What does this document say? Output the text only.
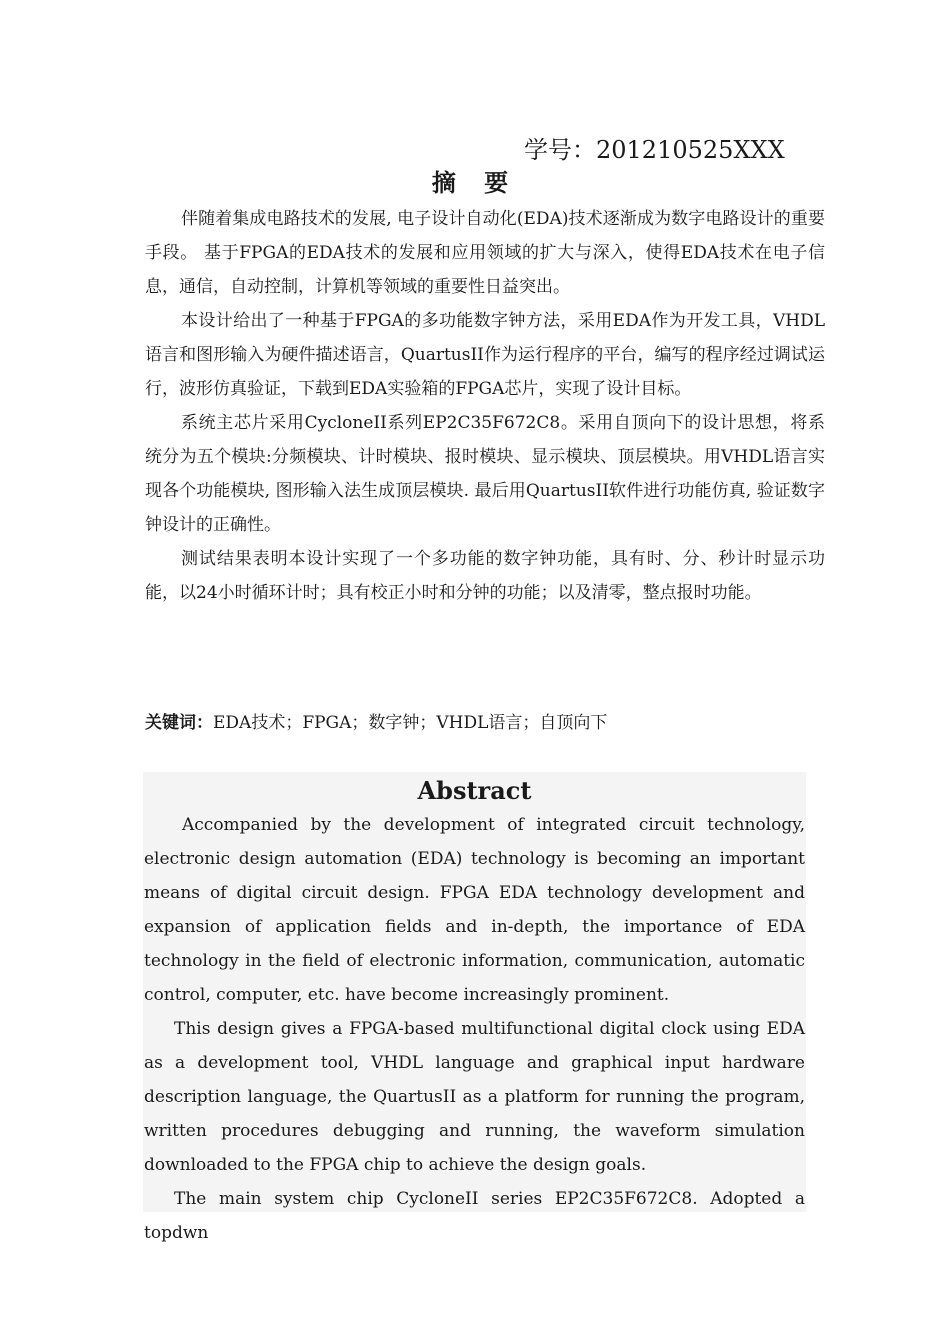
学号：201210525XXX
摘 要

伴随着集成电路技术的发展, 电子设计自动化(EDA)技术逐渐成为数字电路设计的重要手段。 基于FPGA的EDA技术的发展和应用领域的扩大与深入，使得EDA技术在电子信息，通信，自动控制，计算机等领域的重要性日益突出。

本设计给出了一种基于FPGA的多功能数字钟方法，采用EDA作为开发工具，VHDL语言和图形输入为硬件描述语言，QuartusII作为运行程序的平台，编写的程序经过调试运行，波形仿真验证，下载到EDA实验箱的FPGA芯片，实现了设计目标。

系统主芯片采用CycloneII系列EP2C35F672C8。采用自顶向下的设计思想，将系统分为五个模块:分频模块、计时模块、报时模块、显示模块、顶层模块。用VHDL语言实现各个功能模块, 图形输入法生成顶层模块. 最后用QuartusII软件进行功能仿真, 验证数字钟设计的正确性。

测试结果表明本设计实现了一个多功能的数字钟功能，具有时、分、秒计时显示功能，以24小时循环计时；具有校正小时和分钟的功能；以及清零，整点报时功能。

关键词：EDA技术；FPGA；数字钟；VHDL语言；自顶向下
Abstract

Accompanied by the development of integrated circuit technology, electronic design automation (EDA) technology is becoming an important means of digital circuit design. FPGA EDA technology development and expansion of application fields and in-depth, the importance of EDA technology in the field of electronic information, communication, automatic control, computer, etc. have become increasingly prominent.

This design gives a FPGA-based multifunctional digital clock using EDA as a development tool, VHDL language and graphical input hardware description language, the QuartusII as a platform for running the program, written procedures debugging and running, the waveform simulation downloaded to the FPGA chip to achieve the design goals.

The main system chip CycloneII series EP2C35F672C8. Adopted a topdwn
